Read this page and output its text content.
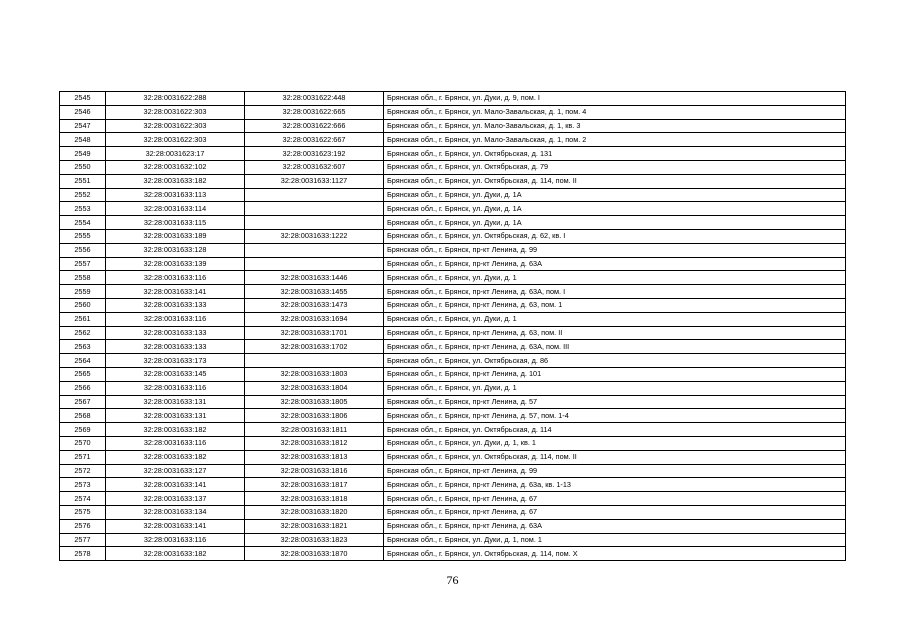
2545	32:28:0031622:288	32:28:0031622:448	Брянская обл., г. Брянск, ул. Дуки, д. 9, пом. I
2546	32:28:0031622:303	32:28:0031622:665	Брянская обл., г. Брянск, ул. Мало-Завальская, д. 1, пом. 4
2547	32:28:0031622:303	32:28:0031622:666	Брянская обл., г. Брянск, ул. Мало-Завальская, д. 1, кв. 3
2548	32:28:0031622:303	32:28:0031622:667	Брянская обл., г. Брянск, ул. Мало-Завальская, д. 1, пом. 2
2549	32:28:0031623:17	32:28:0031623:192	Брянская обл., г. Брянск, ул. Октябрьская, д. 131
2550	32:28:0031632:102	32:28:0031632:607	Брянская обл., г. Брянск, ул. Октябрьская, д. 79
2551	32:28:0031633:182	32:28:0031633:1127	Брянская обл., г. Брянск, ул. Октябрьская, д. 114, пом. II
2552	32:28:0031633:113		Брянская обл., г. Брянск, ул. Дуки, д. 1А
2553	32:28:0031633:114		Брянская обл., г. Брянск, ул. Дуки, д. 1А
2554	32:28:0031633:115		Брянская обл., г. Брянск, ул. Дуки, д. 1А
2555	32:28:0031633:189	32:28:0031633:1222	Брянская обл., г. Брянск, ул. Октябрьская, д. 62, кв. I
2556	32:28:0031633:128		Брянская обл., г. Брянск, пр-кт Ленина, д. 99
2557	32:28:0031633:139		Брянская обл., г. Брянск, пр-кт Ленина, д. 63А
2558	32:28:0031633:116	32:28:0031633:1446	Брянская обл., г. Брянск, ул. Дуки, д. 1
2559	32:28:0031633:141	32:28:0031633:1455	Брянская обл., г. Брянск, пр-кт Ленина, д. 63А, пом. I
2560	32:28:0031633:133	32:28:0031633:1473	Брянская обл., г. Брянск, пр-кт Ленина, д. 63, пом. 1
2561	32:28:0031633:116	32:28:0031633:1694	Брянская обл., г. Брянск, ул. Дуки, д. 1
2562	32:28:0031633:133	32:28:0031633:1701	Брянская обл., г. Брянск, пр-кт Ленина, д. 63, пом. II
2563	32:28:0031633:133	32:28:0031633:1702	Брянская обл., г. Брянск, пр-кт Ленина, д. 63А, пом. III
2564	32:28:0031633:173		Брянская обл., г. Брянск, ул. Октябрьская, д. 86
2565	32:28:0031633:145	32:28:0031633:1803	Брянская обл., г. Брянск, пр-кт Ленина, д. 101
2566	32:28:0031633:116	32:28:0031633:1804	Брянская обл., г. Брянск, ул. Дуки, д. 1
2567	32:28:0031633:131	32:28:0031633:1805	Брянская обл., г. Брянск, пр-кт Ленина, д. 57
2568	32:28:0031633:131	32:28:0031633:1806	Брянская обл., г. Брянск, пр-кт Ленина, д. 57, пом. 1-4
2569	32:28:0031633:182	32:28:0031633:1811	Брянская обл., г. Брянск, ул. Октябрьская, д. 114
2570	32:28:0031633:116	32:28:0031633:1812	Брянская обл., г. Брянск, ул. Дуки, д. 1, кв. 1
2571	32:28:0031633:182	32:28:0031633:1813	Брянская обл., г. Брянск, ул. Октябрьская, д. 114, пом. II
2572	32:28:0031633:127	32:28:0031633:1816	Брянская обл., г. Брянск, пр-кт Ленина, д. 99
2573	32:28:0031633:141	32:28:0031633:1817	Брянская обл., г. Брянск, пр-кт Ленина, д. 63а, кв. 1-13
2574	32:28:0031633:137	32:28:0031633:1818	Брянская обл., г. Брянск, пр-кт Ленина, д. 67
2575	32:28:0031633:134	32:28:0031633:1820	Брянская обл., г. Брянск, пр-кт Ленина, д. 67
2576	32:28:0031633:141	32:28:0031633:1821	Брянская обл., г. Брянск, пр-кт Ленина, д. 63А
2577	32:28:0031633:116	32:28:0031633:1823	Брянская обл., г. Брянск, ул. Дуки, д. 1, пом. 1
2578	32:28:0031633:182	32:28:0031633:1870	Брянская обл., г. Брянск, ул. Октябрьская, д. 114, пом. X
76
